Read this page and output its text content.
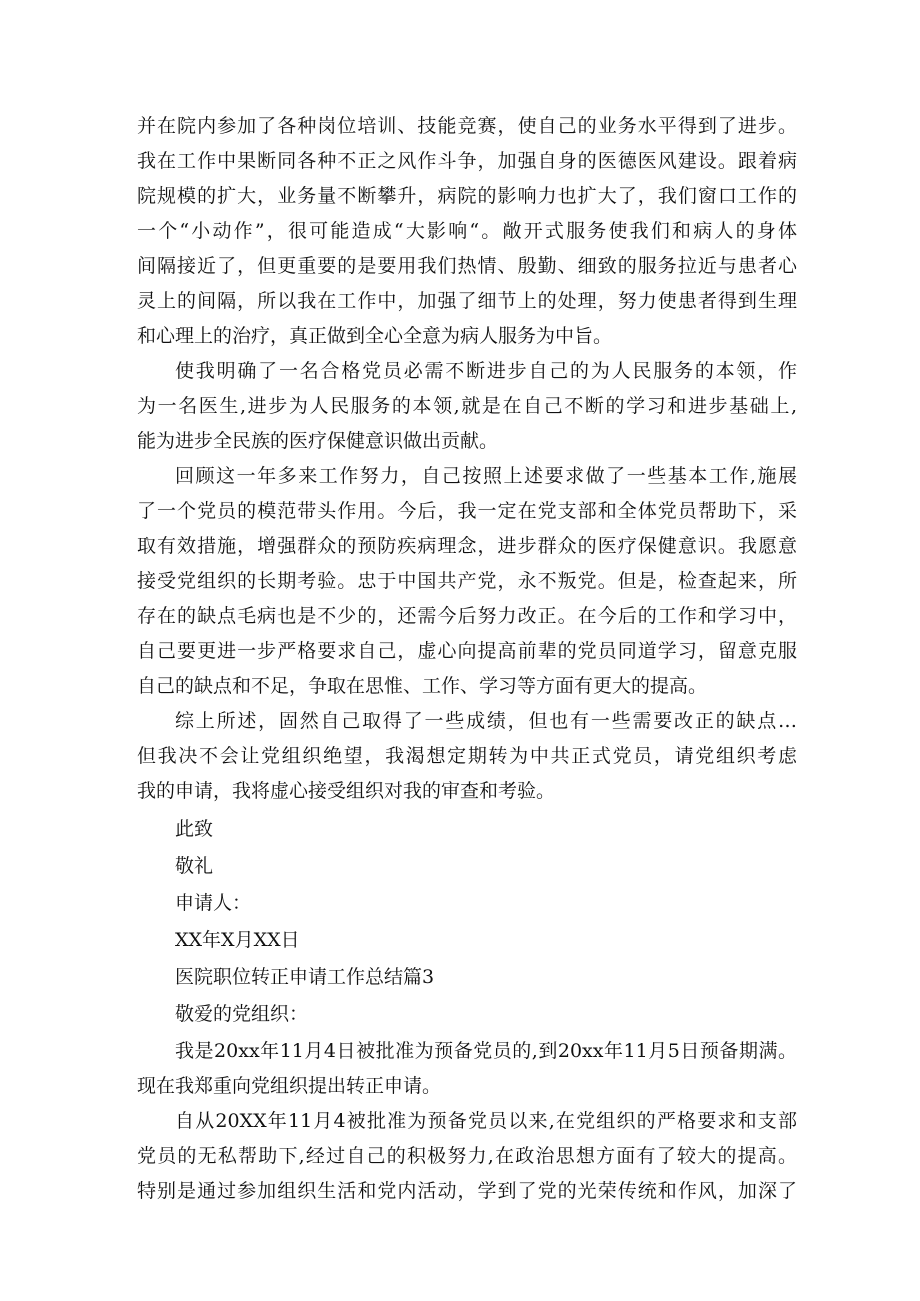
并在院内参加了各种岗位培训、技能竞赛，使自己的业务水平得到了进步。
我在工作中果断同各种不正之风作斗争，加强自身的医德医风建设。跟着病
院规模的扩大，业务量不断攀升，病院的影响力也扩大了，我们窗口工作的
一个“小动作”，很可能造成“大影响“。敞开式服务使我们和病人的身体
间隔接近了，但更重要的是要用我们热情、殷勤、细致的服务拉近与患者心
灵上的间隔，所以我在工作中，加强了细节上的处理，努力使患者得到生理
和心理上的治疗，真正做到全心全意为病人服务为中旨。
使我明确了一名合格党员必需不断进步自己的为人民服务的本领，作
为一名医生,进步为人民服务的本领,就是在自己不断的学习和进步基础上,
能为进步全民族的医疗保健意识做出贡献。
回顾这一年多来工作努力，自己按照上述要求做了一些基本工作,施展
了一个党员的模范带头作用。今后，我一定在党支部和全体党员帮助下，采
取有效措施，增强群众的预防疾病理念，进步群众的医疗保健意识。我愿意
接受党组织的长期考验。忠于中国共产党，永不叛党。但是，检查起来，所
存在的缺点毛病也是不少的，还需今后努力改正。在今后的工作和学习中，
自己要更进一步严格要求自己，虚心向提高前辈的党员同道学习，留意克服
自己的缺点和不足，争取在思惟、工作、学习等方面有更大的提高。
综上所述，固然自己取得了一些成绩，但也有一些需要改正的缺点…
但我决不会让党组织绝望，我渴想定期转为中共正式党员，请党组织考虑
我的申请，我将虚心接受组织对我的审查和考验。
此致
敬礼
申请人：
XX年X月XX日
医院职位转正申请工作总结篇3
敬爱的党组织：
我是20xx年11月4日被批准为预备党员的,到20xx年11月5日预备期满。
现在我郑重向党组织提出转正申请。
自从20XX年11月4被批准为预备党员以来,在党组织的严格要求和支部
党员的无私帮助下,经过自己的积极努力,在政治思想方面有了较大的提高。
特别是通过参加组织生活和党内活动，学到了党的光荣传统和作风，加深了
